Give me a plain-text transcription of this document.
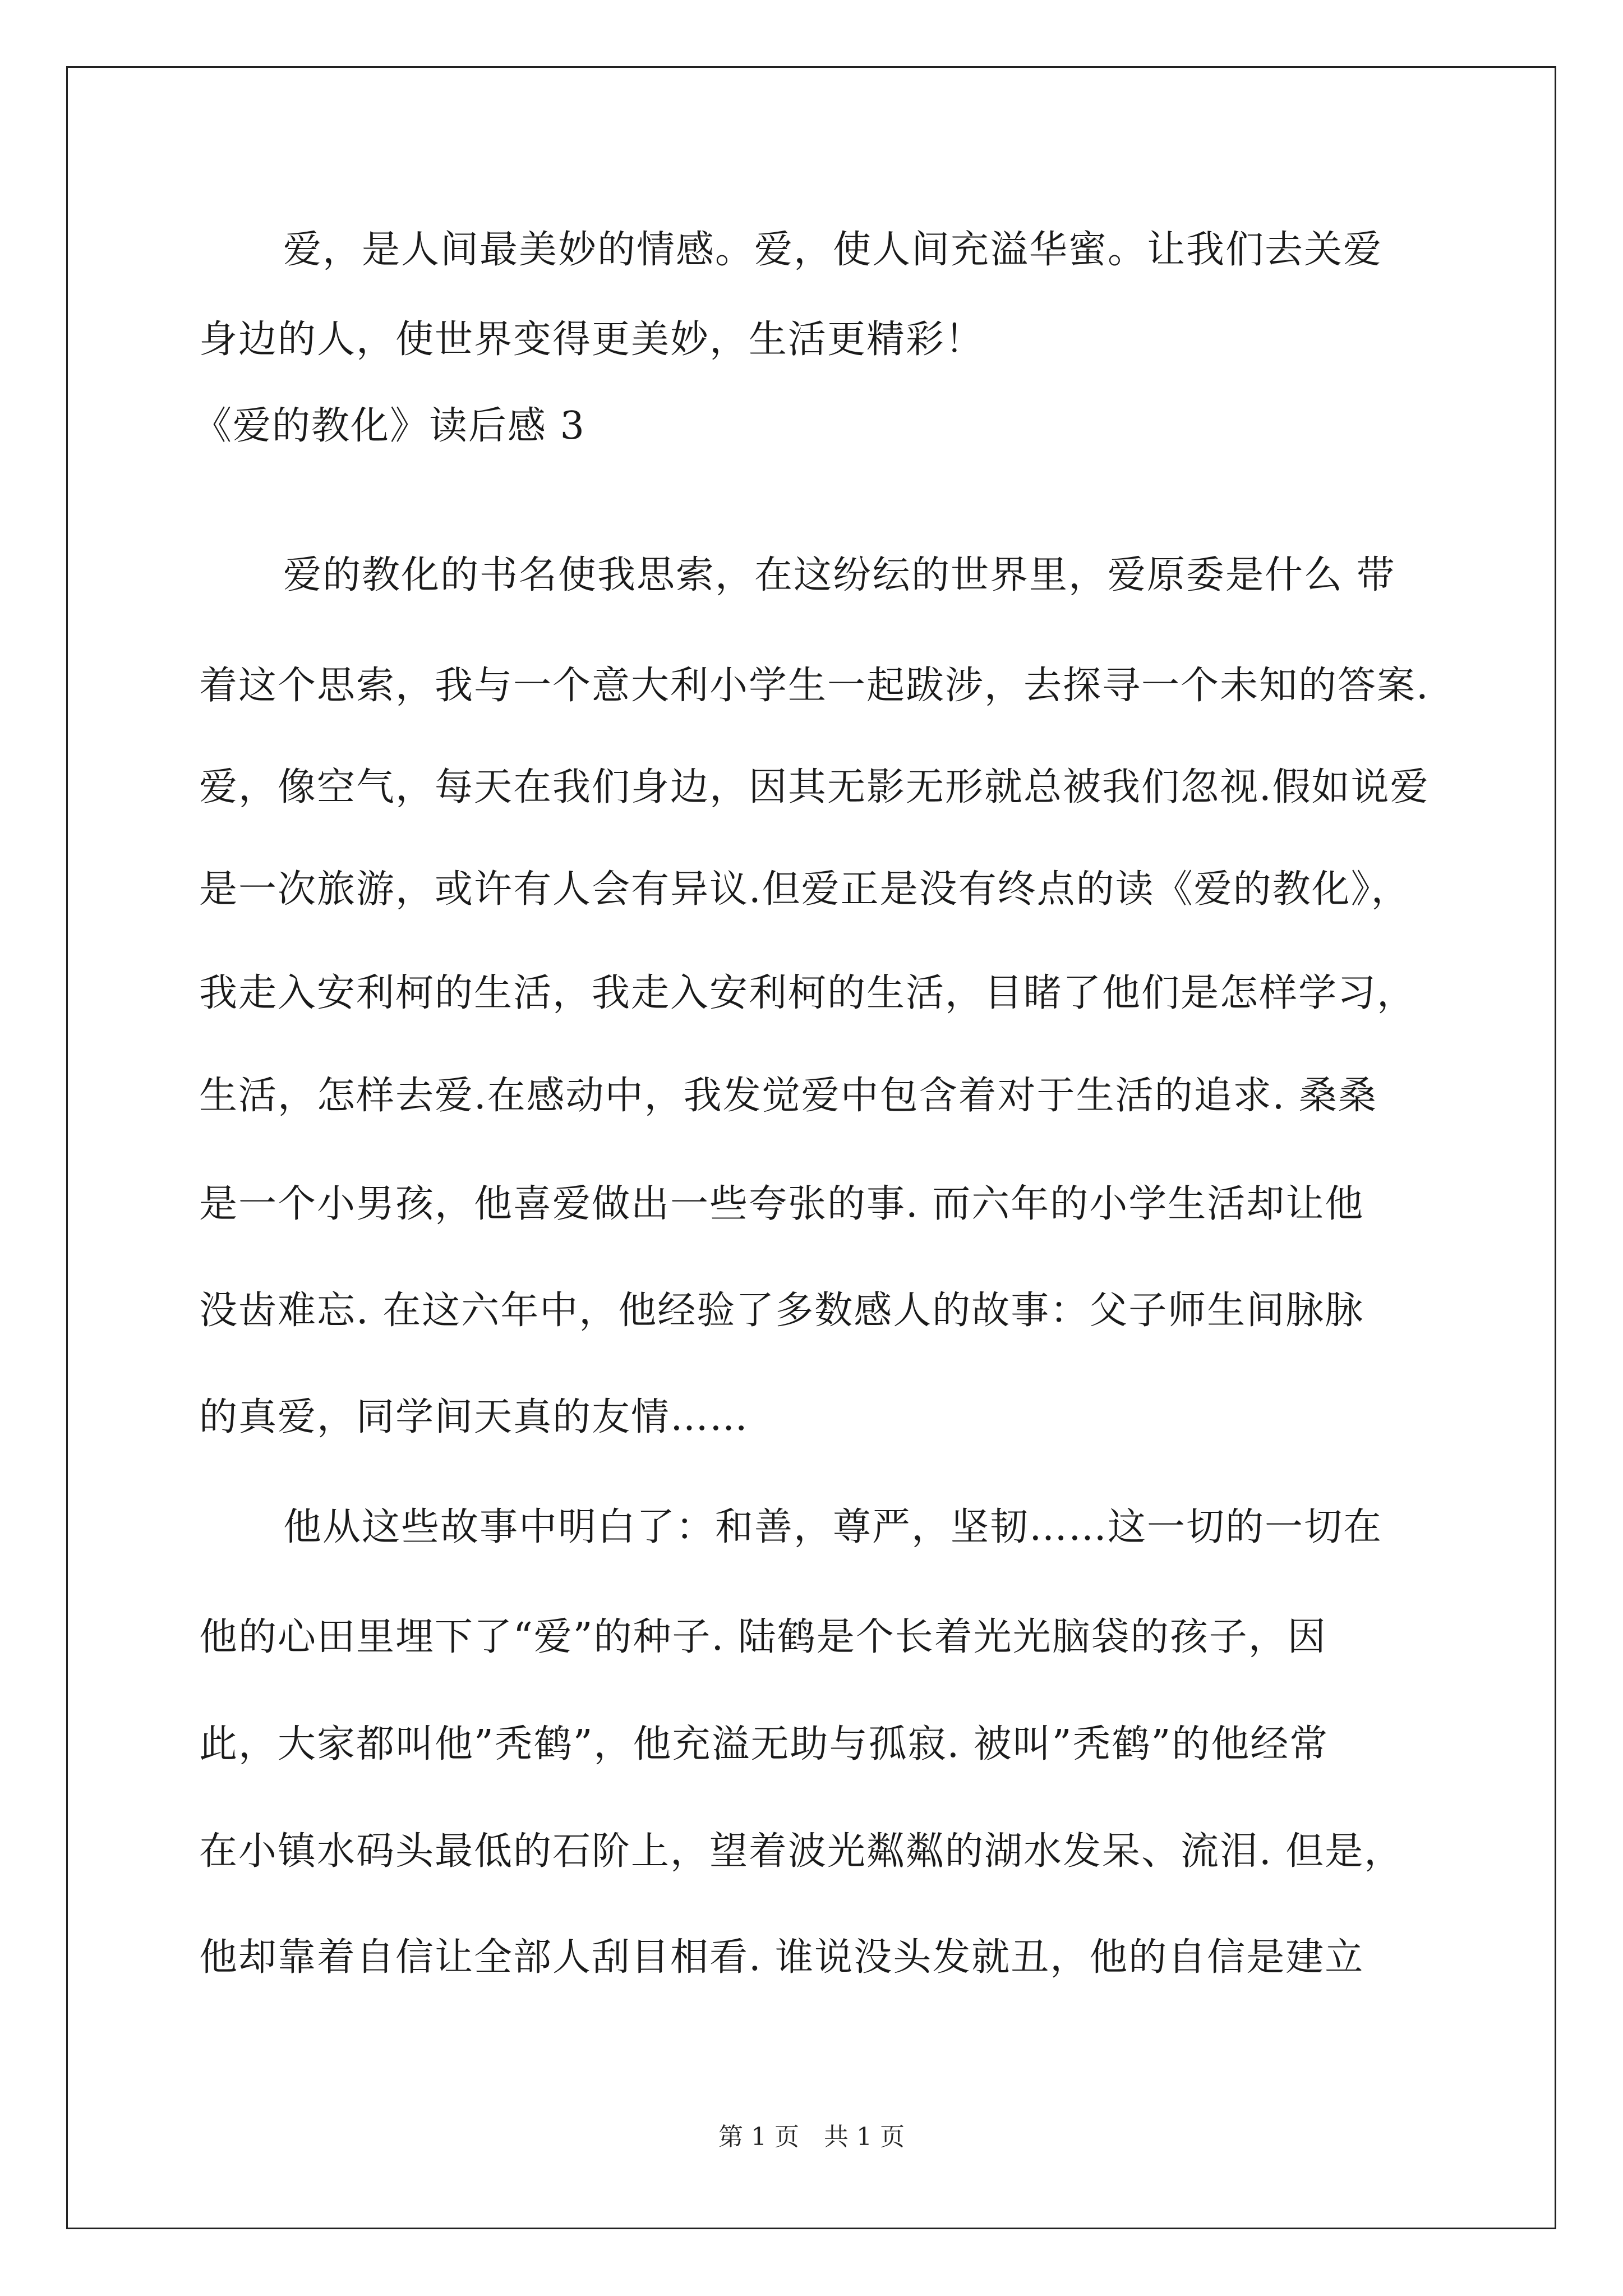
爱，是人间最美妙的情感。爱，使人间充溢华蜜。让我们去关爱
身边的人，使世界变得更美妙，生活更精彩！
《爱的教化》读后感 3
爱的教化的书名使我思索，在这纷纭的世界里，爱原委是什么 带
着这个思索，我与一个意大利小学生一起跋涉，去探寻一个未知的答案.
爱，像空气，每天在我们身边，因其无影无形就总被我们忽视.假如说爱
是一次旅游，或许有人会有异议.但爱正是没有终点的读《爱的教化》，
我走入安利柯的生活，我走入安利柯的生活，目睹了他们是怎样学习，
生活，怎样去爱.在感动中，我发觉爱中包含着对于生活的追求. 桑桑
是一个小男孩，他喜爱做出一些夸张的事. 而六年的小学生活却让他
没齿难忘. 在这六年中，他经验了多数感人的故事：父子师生间脉脉
的真爱，同学间天真的友情……
他从这些故事中明白了：和善，尊严，坚韧……这一切的一切在
他的心田里埋下了“爱”的种子. 陆鹤是个长着光光脑袋的孩子，因
此，大家都叫他”秃鹤”，他充溢无助与孤寂. 被叫”秃鹤”的他经常
在小镇水码头最低的石阶上，望着波光粼粼的湖水发呆、流泪. 但是，
他却靠着自信让全部人刮目相看. 谁说没头发就丑，他的自信是建立
第 1 页　共 1 页
